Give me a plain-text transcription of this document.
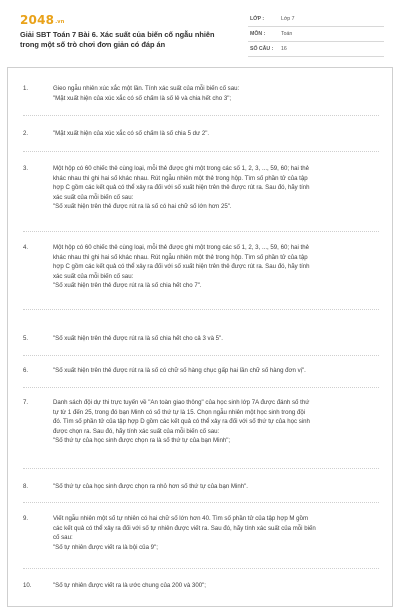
2048.vn
Giải SBT Toán 7 Bài 6. Xác suất của biến cố ngẫu nhiên
trong một số trò chơi đơn giản có đáp án
LỚP :	Lớp 7
MÔN :	Toán
SỐ CÂU : 16
1.	Gieo ngẫu nhiên xúc xắc một lần. Tính xác suất của mỗi biến cố sau:
"Mặt xuất hiện của xúc xắc có số chấm là số lẻ và chia hết cho 3";
2.	"Mặt xuất hiện của xúc xắc có số chấm là số chia 5 dư 2".
3.	Một hộp có 60 chiếc thẻ cùng loại, mỗi thẻ được ghi một trong các số 1, 2, 3, ..., 59, 60; hai thẻ
khác nhau thì ghi hai số khác nhau. Rút ngẫu nhiên một thẻ trong hộp. Tìm số phần tử của tập
hợp C gồm các kết quả có thể xảy ra đối với số xuất hiện trên thẻ được rút ra. Sau đó, hãy tính
xác suất của mỗi biến cố sau:
"Số xuất hiện trên thẻ được rút ra là số có hai chữ số lớn hơn 25".
4.	Một hộp có 60 chiếc thẻ cùng loại, mỗi thẻ được ghi một trong các số 1, 2, 3, ..., 59, 60; hai thẻ
khác nhau thì ghi hai số khác nhau. Rút ngẫu nhiên một thẻ trong hộp. Tìm số phần tử của tập
hợp C gồm các kết quả có thể xảy ra đối với số xuất hiện trên thẻ được rút ra. Sau đó, hãy tính
xác suất của mỗi biến cố sau:
"Số xuất hiện trên thẻ được rút ra là số chia hết cho 7".
5.	"Số xuất hiện trên thẻ được rút ra là số chia hết cho cả 3 và 5".
6.	"Số xuất hiện trên thẻ được rút ra là số có chữ số hàng chục gấp hai lần chữ số hàng đơn vị".
7.	Danh sách đội dự thi trực tuyến về "An toàn giao thông" của học sinh lớp 7A được đánh số thứ
tự từ 1 đến 25, trong đó bạn Minh có số thứ tự là 15. Chọn ngẫu nhiên một học sinh trong đội
đó. Tìm số phần tử của tập hợp D gồm các kết quả có thể xảy ra đối với số thứ tự của học sinh
được chọn ra. Sau đó, hãy tính xác suất của mỗi biến cố sau:
"Số thứ tự của học sinh được chọn ra là số thứ tự của bạn Minh";
8.	"Số thứ tự của học sinh được chọn ra nhỏ hơn số thứ tự của bạn Minh".
9.	Viết ngẫu nhiên một số tự nhiên có hai chữ số lớn hơn 40. Tìm số phần tử của tập hợp M gồm
các kết quả có thể xảy ra đối với số tự nhiên được viết ra. Sau đó, hãy tính xác suất của mỗi biến
cố sau:
"Số tự nhiên được viết ra là bội của 9";
10.	"Số tự nhiên được viết ra là ước chung của 200 và 300";
